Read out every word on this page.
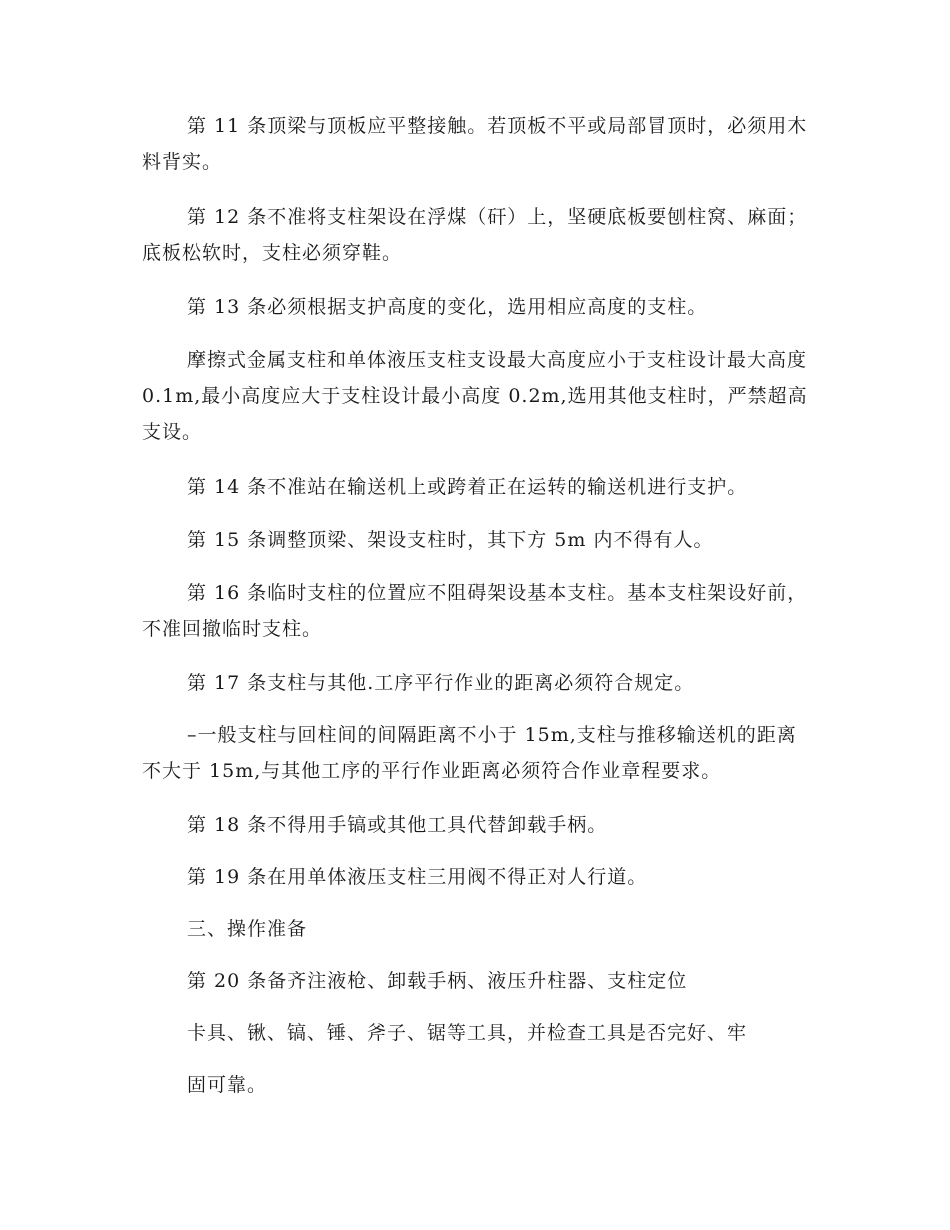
第 11 条顶梁与顶板应平整接触。若顶板不平或局部冒顶时，必须用木料背实。

第 12 条不准将支柱架设在浮煤（矸）上，坚硬底板要刨柱窝、麻面；底板松软时，支柱必须穿鞋。

第 13 条必须根据支护高度的变化，选用相应高度的支柱。

摩擦式金属支柱和单体液压支柱支设最大高度应小于支柱设计最大高度 0.1m,最小高度应大于支柱设计最小高度 0.2m,选用其他支柱时，严禁超高支设。

第 14 条不准站在输送机上或跨着正在运转的输送机进行支护。

第 15 条调整顶梁、架设支柱时，其下方 5m 内不得有人。

第 16 条临时支柱的位置应不阻碍架设基本支柱。基本支柱架设好前，不准回撤临时支柱。

第 17 条支柱与其他.工序平行作业的距离必须符合规定。

–一般支柱与回柱间的间隔距离不小于 15m,支柱与推移输送机的距离不大于 15m,与其他工序的平行作业距离必须符合作业章程要求。

第 18 条不得用手镐或其他工具代替卸载手柄。

第 19 条在用单体液压支柱三用阀不得正对人行道。

三、操作准备

第 20 条备齐注液枪、卸载手柄、液压升柱器、支柱定位
卡具、锹、镐、锤、斧子、锯等工具，并检查工具是否完好、牢
固可靠。
